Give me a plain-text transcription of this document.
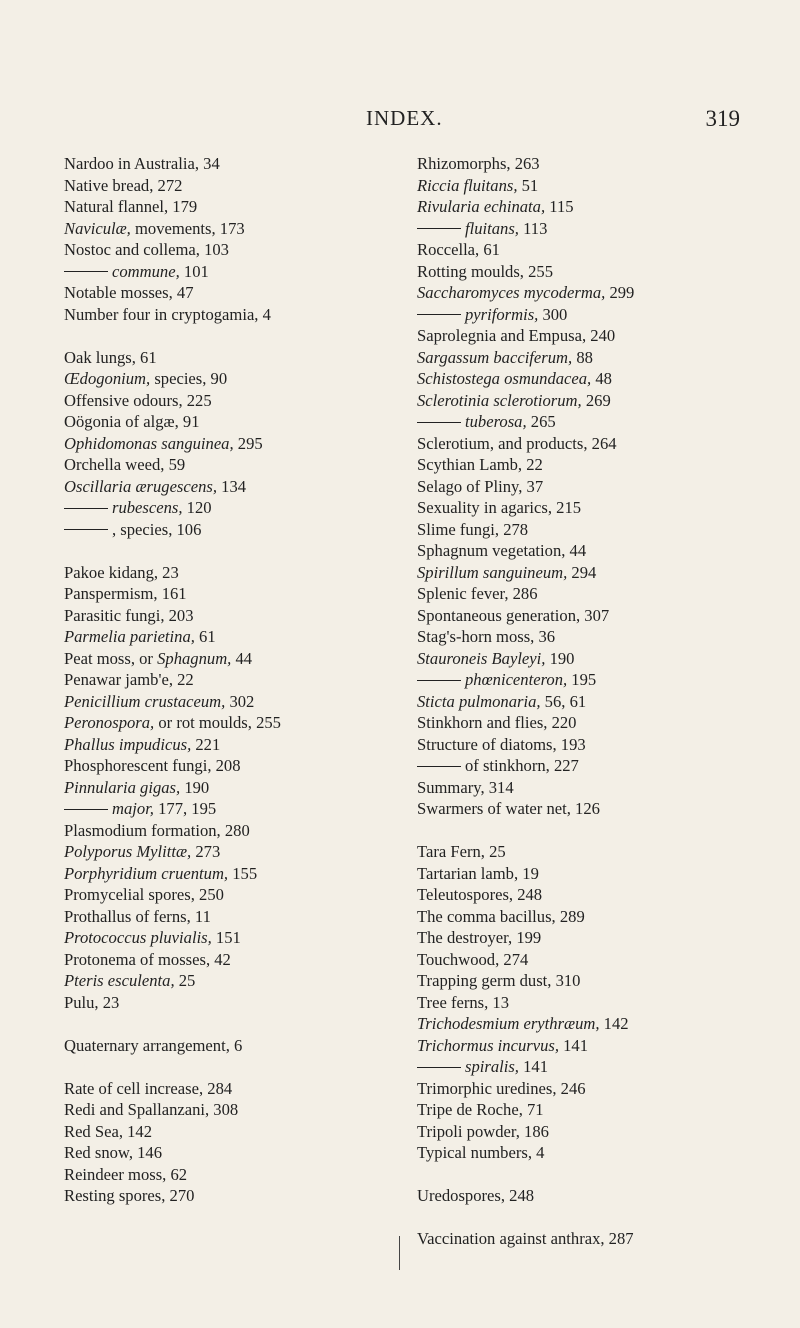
INDEX.	319
Nardoo in Australia, 34
Native bread, 272
Natural flannel, 179
Naviculæ, movements, 173
Nostoc and collema, 103
commune, 101
Notable mosses, 47
Number four in cryptogamia, 4
Oak lungs, 61
Œdogonium, species, 90
Offensive odours, 225
Oögonia of algæ, 91
Ophidomonas sanguinea, 295
Orchella weed, 59
Oscillaria ærugescens, 134
rubescens, 120
, species, 106
Pakoe kidang, 23
Panspermism, 161
Parasitic fungi, 203
Parmelia parietina, 61
Peat moss, or Sphagnum, 44
Penawar jamb'e, 22
Penicillium crustaceum, 302
Peronospora, or rot moulds, 255
Phallus impudicus, 221
Phosphorescent fungi, 208
Pinnularia gigas, 190
major, 177, 195
Plasmodium formation, 280
Polyporus Mylittæ, 273
Porphyridium cruentum, 155
Promycelial spores, 250
Prothallus of ferns, 11
Protococcus pluvialis, 151
Protonema of mosses, 42
Pteris esculenta, 25
Pulu, 23
Quaternary arrangement, 6
Rate of cell increase, 284
Redi and Spallanzani, 308
Red Sea, 142
Red snow, 146
Reindeer moss, 62
Resting spores, 270
Rhizomorphs, 263
Riccia fluitans, 51
Rivularia echinata, 115
fluitans, 113
Roccella, 61
Rotting moulds, 255
Saccharomyces mycoderma, 299
pyriformis, 300
Saprolegnia and Empusa, 240
Sargassum bacciferum, 88
Schistostega osmundacea, 48
Sclerotinia sclerotiorum, 269
tuberosa, 265
Sclerotium, and products, 264
Scythian Lamb, 22
Selago of Pliny, 37
Sexuality in agarics, 215
Slime fungi, 278
Sphagnum vegetation, 44
Spirillum sanguineum, 294
Splenic fever, 286
Spontaneous generation, 307
Stag's-horn moss, 36
Stauroneis Bayleyi, 190
phœnicenteron, 195
Sticta pulmonaria, 56, 61
Stinkhorn and flies, 220
Structure of diatoms, 193
of stinkhorn, 227
Summary, 314
Swarmers of water net, 126
Tara Fern, 25
Tartarian lamb, 19
Teleutospores, 248
The comma bacillus, 289
The destroyer, 199
Touchwood, 274
Trapping germ dust, 310
Tree ferns, 13
Trichodesmium erythræum, 142
Trichormus incurvus, 141
spiralis, 141
Trimorphic uredines, 246
Tripe de Roche, 71
Tripoli powder, 186
Typical numbers, 4
Uredospores, 248
Vaccination against anthrax, 287
